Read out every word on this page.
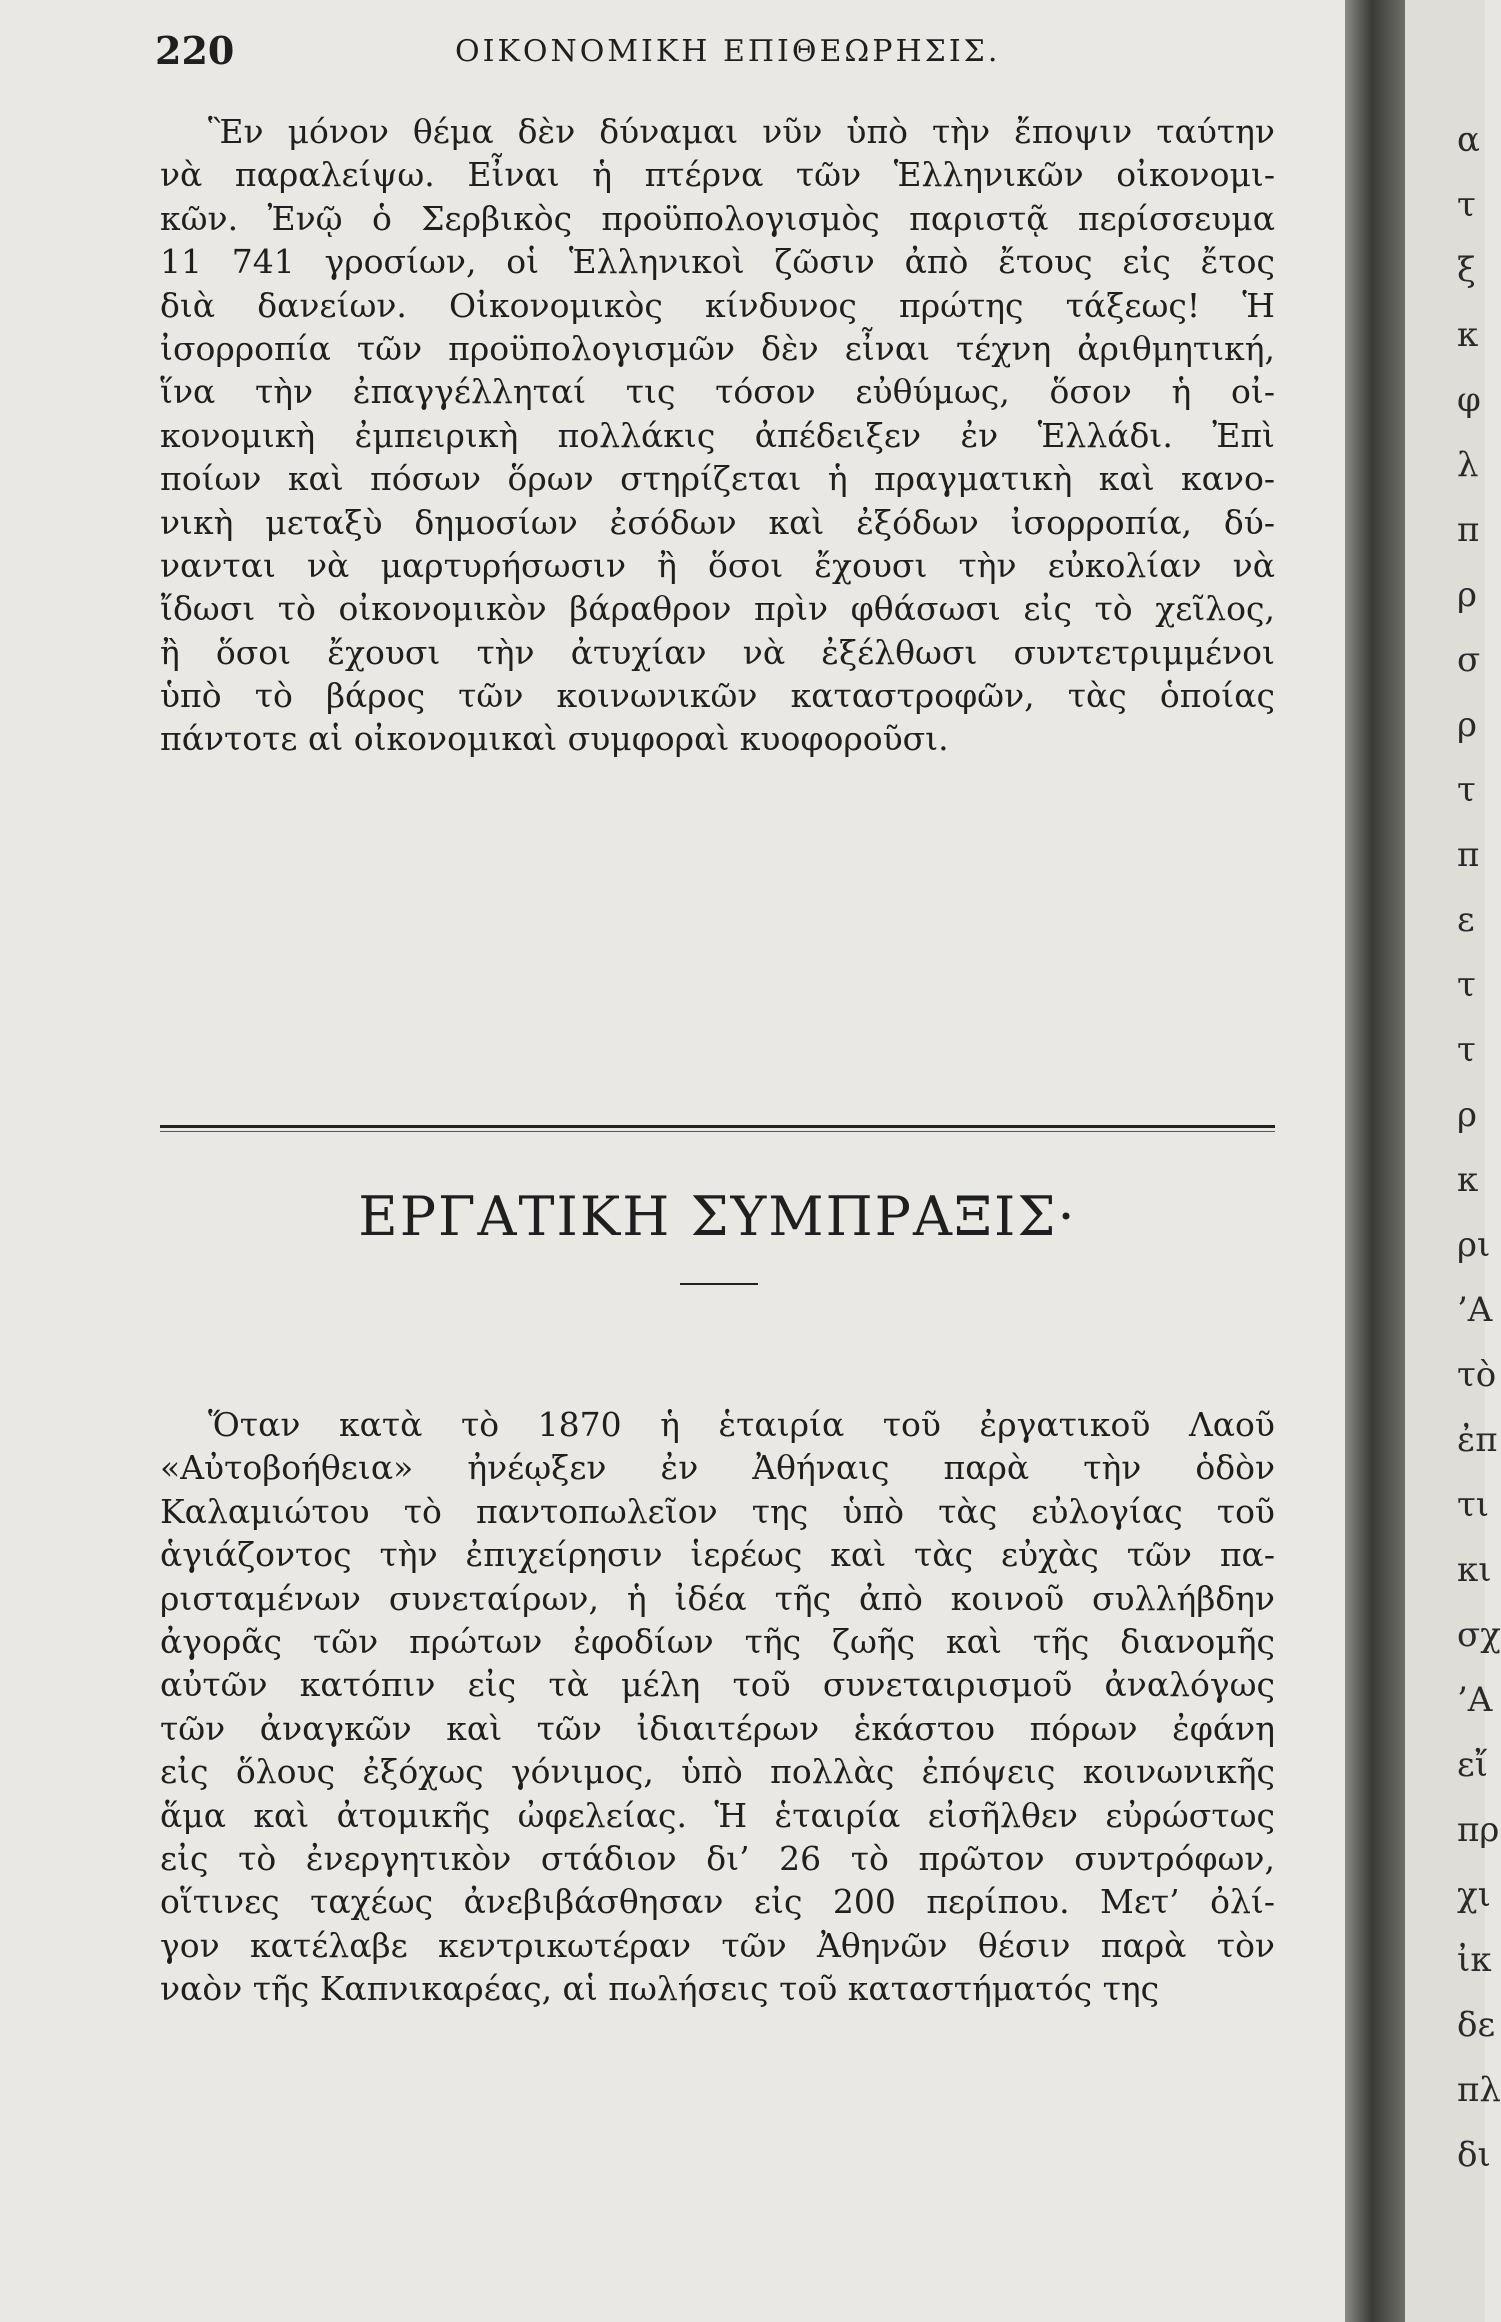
220	ΟΙΚΟΝΟΜΙΚΗ ΕΠΙΘΕΩΡΗΣΙΣ.
Ἓν μόνον θέμα δὲν δύναμαι νῦν ὑπὸ τὴν ἔποψιν ταύτην
νὰ παραλείψω. Εἶναι ἡ πτέρνα τῶν Ἑλληνικῶν οἰκονομι-
κῶν. Ἐνῷ ὁ Σερβικὸς προϋπολογισμὸς παριστᾷ περίσσευμα
11 741 γροσίων, οἱ Ἑλληνικοὶ ζῶσιν ἀπὸ ἔτους εἰς ἔτος
διὰ δανείων. Οἰκονομικὸς κίνδυνος πρώτης τάξεως! Ἡ
ἰσορροπία τῶν προϋπολογισμῶν δὲν εἶναι τέχνη ἀριθμητική,
ἵνα τὴν ἐπαγγέλληταί τις τόσον εὐθύμως, ὅσον ἡ οἰ-
κονομικὴ ἐμπειρικὴ πολλάκις ἀπέδειξεν ἐν Ἑλλάδι. Ἐπὶ
ποίων καὶ πόσων ὅρων στηρίζεται ἡ πραγματικὴ καὶ κανο-
νικὴ μεταξὺ δημοσίων ἐσόδων καὶ ἐξόδων ἰσορροπία, δύ-
νανται νὰ μαρτυρήσωσιν ἢ ὅσοι ἔχουσι τὴν εὐκολίαν νὰ
ἴδωσι τὸ οἰκονομικὸν βάραθρον πρὶν φθάσωσι εἰς τὸ χεῖλος,
ἢ ὅσοι ἔχουσι τὴν ἀτυχίαν νὰ ἐξέλθωσι συντετριμμένοι
ὑπὸ τὸ βάρος τῶν κοινωνικῶν καταστροφῶν, τὰς ὁποίας
πάντοτε αἱ οἰκονομικαὶ συμφοραὶ κυοφοροῦσι.
ΕΡΓΑΤΙΚΗ ΣΥΜΠΡΑΞΙΣ·
Ὅταν κατὰ τὸ 1870 ἡ ἑταιρία τοῦ ἐργατικοῦ Λαοῦ
«Αὐτοβοήθεια» ἠνέῳξεν ἐν Ἀθήναις παρὰ τὴν ὁδὸν
Καλαμιώτου τὸ παντοπωλεῖον της ὑπὸ τὰς εὐλογίας τοῦ
ἁγιάζοντος τὴν ἐπιχείρησιν ἱερέως καὶ τὰς εὐχὰς τῶν πα-
ρισταμένων συνεταίρων, ἡ ἰδέα τῆς ἀπὸ κοινοῦ συλλήβδην
ἀγορᾶς τῶν πρώτων ἐφοδίων τῆς ζωῆς καὶ τῆς διανομῆς
αὐτῶν κατόπιν εἰς τὰ μέλη τοῦ συνεταιρισμοῦ ἀναλόγως
τῶν ἀναγκῶν καὶ τῶν ἰδιαιτέρων ἑκάστου πόρων ἐφάνη
εἰς ὅλους ἐξόχως γόνιμος, ὑπὸ πολλὰς ἐπόψεις κοινωνικῆς
ἅμα καὶ ἀτομικῆς ὠφελείας. Ἡ ἑταιρία εἰσῆλθεν εὐρώστως
εἰς τὸ ἐνεργητικὸν στάδιον δι’ 26 τὸ πρῶτον συντρόφων,
οἵτινες ταχέως ἀνεβιβάσθησαν εἰς 200 περίπου. Μετ’ ὀλί-
γον κατέλαβε κεντρικωτέραν τῶν Ἀθηνῶν θέσιν παρὰ τὸν
ναὸν τῆς Καπνικαρέας, αἱ πωλήσεις τοῦ καταστήματός της
α
τ
ξ
κ
φ
λ
π
ρ
σ
ρ
τ
π
ε
τ
τ
ρ
κ
ρι
’Α
τὸ
ἐπ
τι
κι
σχ
’Α
εἴ
πρ
χι
ἰκ
δε
πλ
δι
